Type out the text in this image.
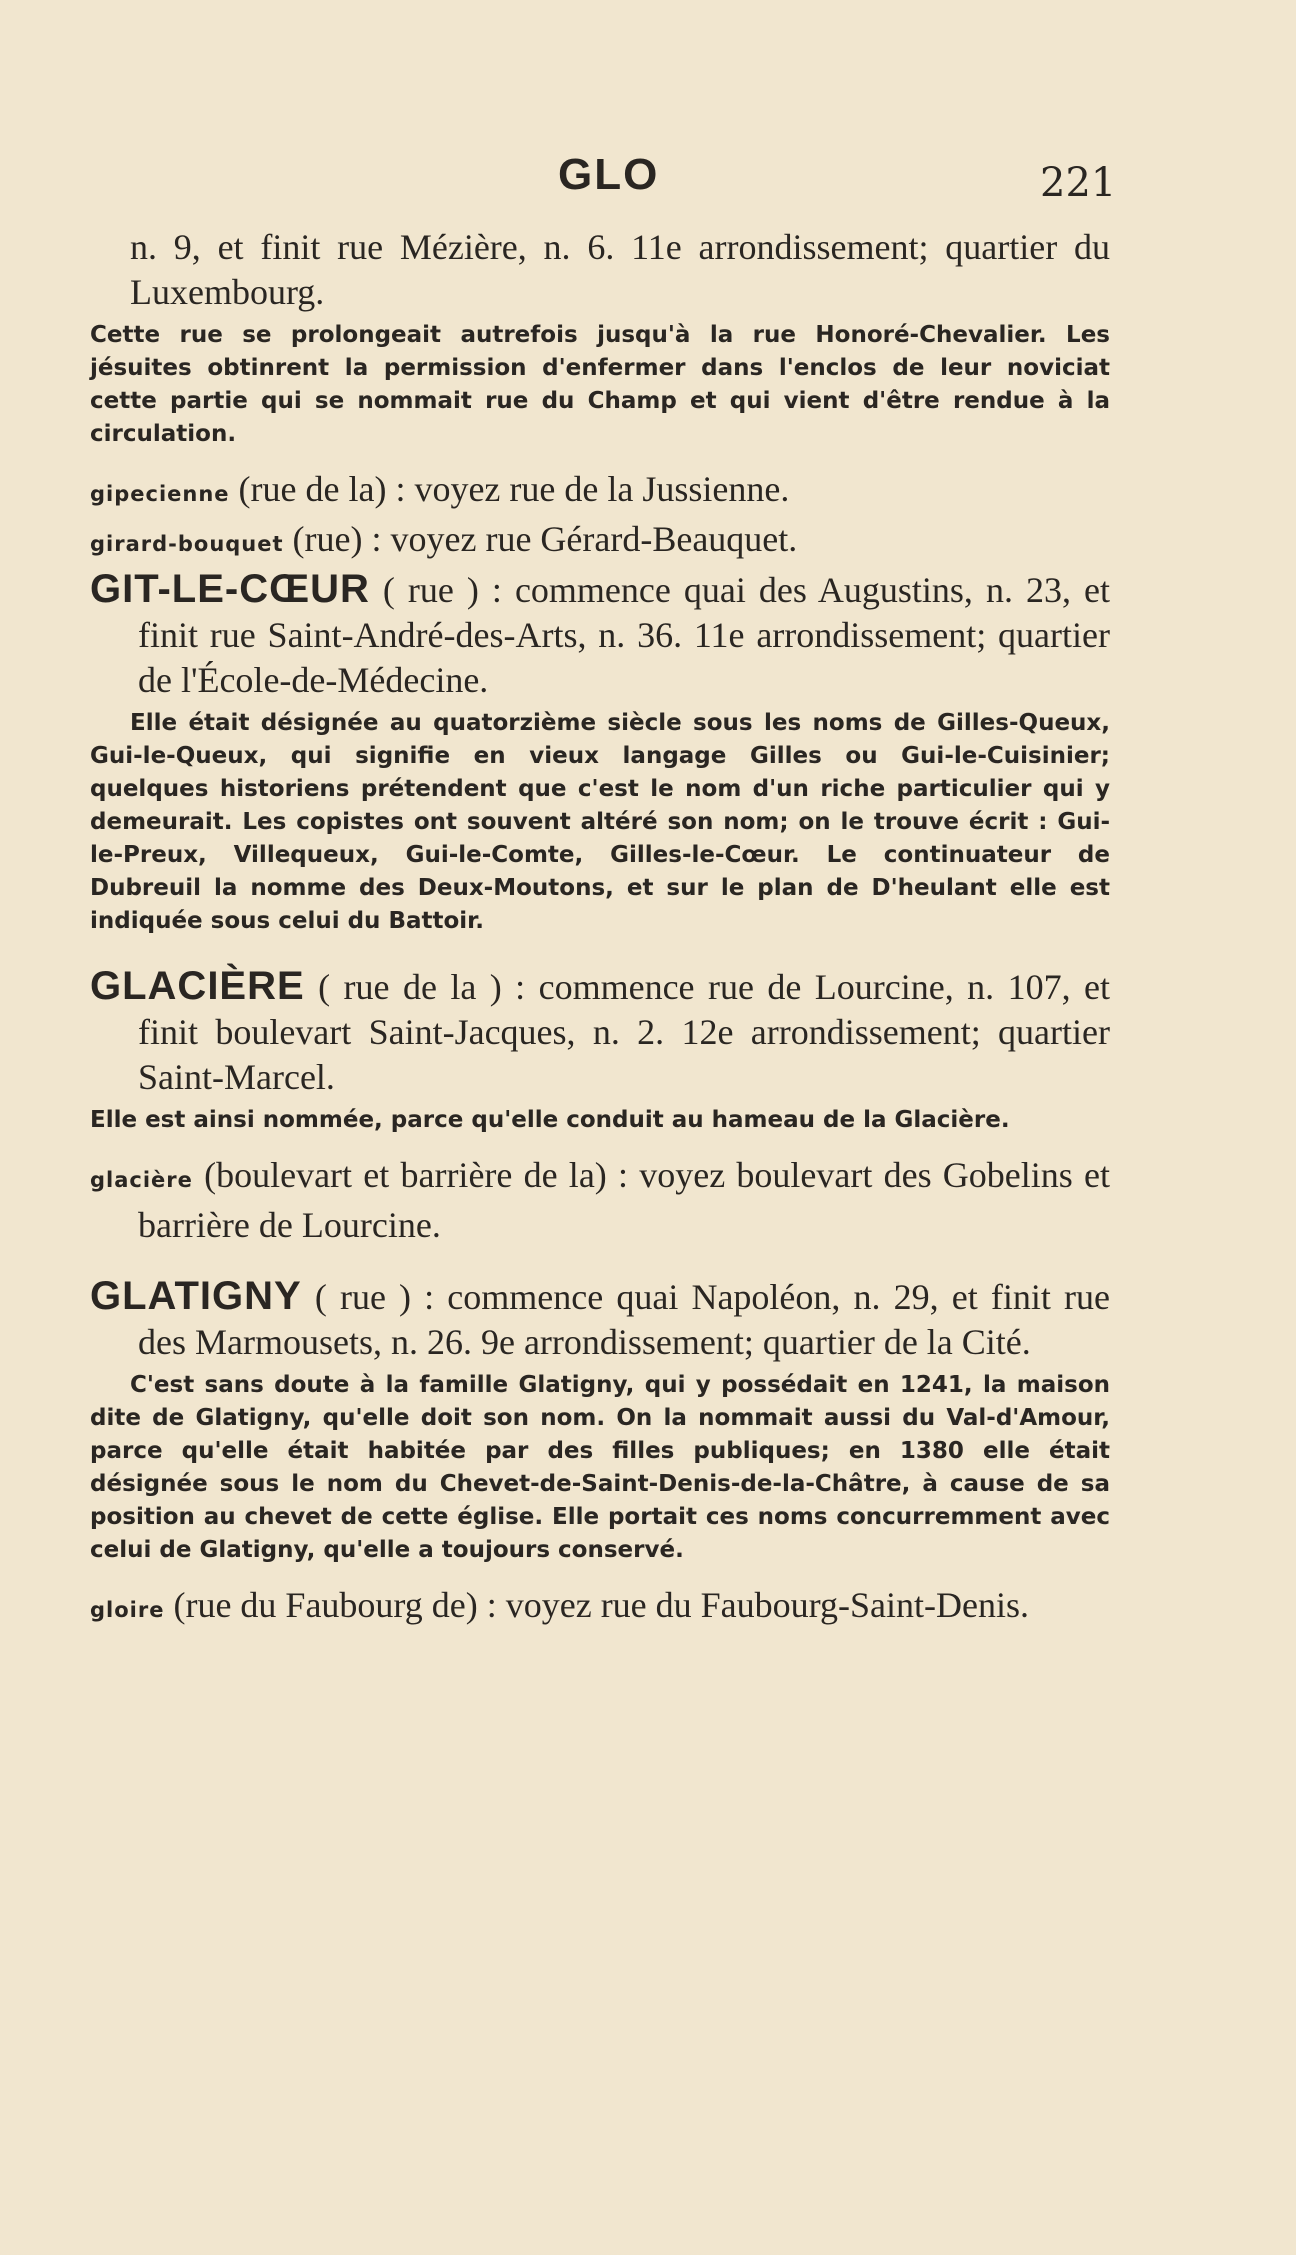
GLO	221

n. 9, et finit rue Mézière, n. 6. 11e arrondissement; quartier du Luxembourg.

Cette rue se prolongeait autrefois jusqu'à la rue Honoré-Chevalier. Les jésuites obtinrent la permission d'enfermer dans l'enclos de leur noviciat cette partie qui se nommait rue du Champ et qui vient d'être rendue à la circulation.

gipecienne (rue de la) : voyez rue de la Jussienne.

girard-bouquet (rue) : voyez rue Gérard-Beauquet.

GIT-LE-CŒUR ( rue ) : commence quai des Augustins, n. 23, et finit rue Saint-André-des-Arts, n. 36. 11e arrondissement; quartier de l'École-de-Médecine.

Elle était désignée au quatorzième siècle sous les noms de Gilles-Queux, Gui-le-Queux, qui signifie en vieux langage Gilles ou Gui-le-Cuisinier; quelques historiens prétendent que c'est le nom d'un riche particulier qui y demeurait. Les copistes ont souvent altéré son nom; on le trouve écrit : Gui-le-Preux, Villequeux, Gui-le-Comte, Gilles-le-Cœur. Le continuateur de Dubreuil la nomme des Deux-Moutons, et sur le plan de D'heulant elle est indiquée sous celui du Battoir.

GLACIÈRE ( rue de la ) : commence rue de Lourcine, n. 107, et finit boulevart Saint-Jacques, n. 2. 12e arrondissement; quartier Saint-Marcel.

Elle est ainsi nommée, parce qu'elle conduit au hameau de la Glacière.

glacière (boulevart et barrière de la) : voyez boulevart des Gobelins et barrière de Lourcine.

GLATIGNY ( rue ) : commence quai Napoléon, n. 29, et finit rue des Marmousets, n. 26. 9e arrondissement; quartier de la Cité.

C'est sans doute à la famille Glatigny, qui y possédait en 1241, la maison dite de Glatigny, qu'elle doit son nom. On la nommait aussi du Val-d'Amour, parce qu'elle était habitée par des filles publiques; en 1380 elle était désignée sous le nom du Chevet-de-Saint-Denis-de-la-Châtre, à cause de sa position au chevet de cette église. Elle portait ces noms concurremment avec celui de Glatigny, qu'elle a toujours conservé.

gloire (rue du Faubourg de) : voyez rue du Faubourg-Saint-Denis.
